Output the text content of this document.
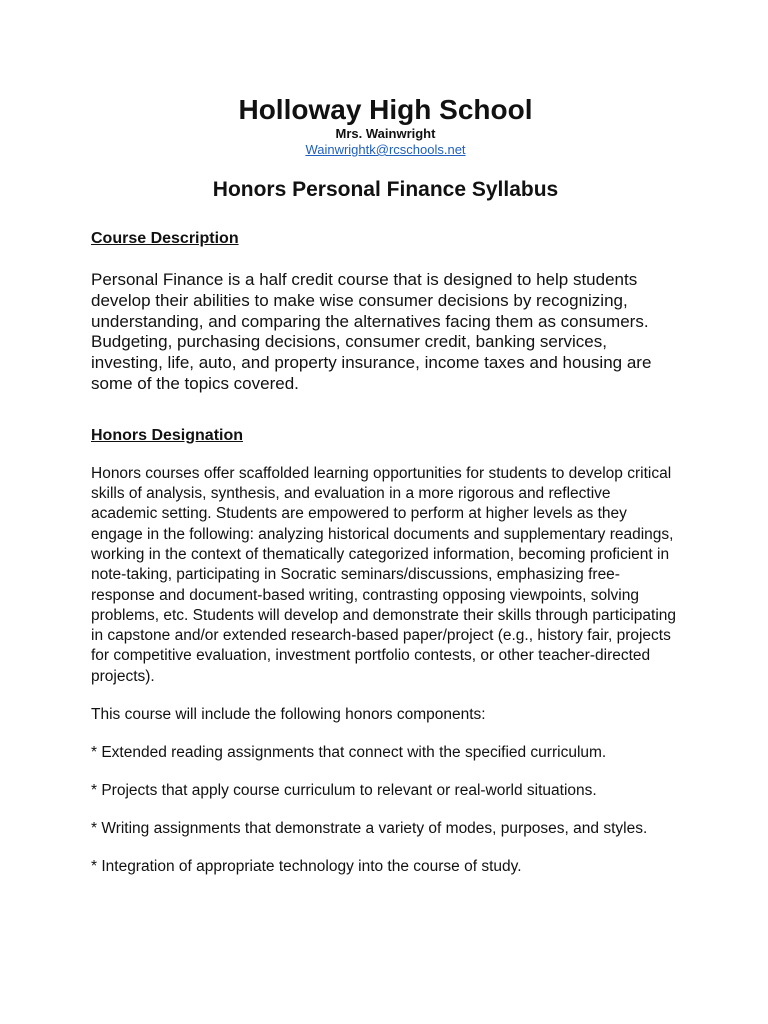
Holloway High School
Mrs. Wainwright
Wainwrightk@rcschools.net
Honors Personal Finance Syllabus
Course Description

Personal Finance is a half credit course that is designed to help students develop their abilities to make wise consumer decisions by recognizing, understanding, and comparing the alternatives facing them as consumers. Budgeting, purchasing decisions, consumer credit, banking services, investing, life, auto, and property insurance, income taxes and housing are some of the topics covered.

Honors Designation

Honors courses offer scaffolded learning opportunities for students to develop critical skills of analysis, synthesis, and evaluation in a more rigorous and reflective academic setting. Students are empowered to perform at higher levels as they engage in the following: analyzing historical documents and supplementary readings, working in the context of thematically categorized information, becoming proficient in note-taking, participating in Socratic seminars/discussions, emphasizing free-response and document-based writing, contrasting opposing viewpoints, solving problems, etc. Students will develop and demonstrate their skills through participating in capstone and/or extended research-based paper/project (e.g., history fair, projects for competitive evaluation, investment portfolio contests, or other teacher-directed projects).

This course will include the following honors components:

* Extended reading assignments that connect with the specified curriculum.

* Projects that apply course curriculum to relevant or real-world situations.

* Writing assignments that demonstrate a variety of modes, purposes, and styles.

* Integration of appropriate technology into the course of study.
